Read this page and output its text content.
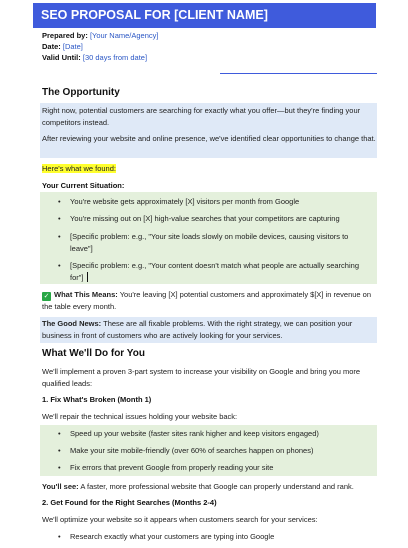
SEO PROPOSAL FOR [CLIENT NAME]
Prepared by: [Your Name/Agency]
Date: [Date]
Valid Until: [30 days from date]
The Opportunity
Right now, potential customers are searching for exactly what you offer—but they're finding your competitors instead.
After reviewing your website and online presence, we've identified clear opportunities to change that.
Here's what we found:
Your Current Situation:
• You're website gets approximately [X] visitors per month from Google
• You're missing out on [X] high-value searches that your competitors are capturing
• [Specific problem: e.g., "Your site loads slowly on mobile devices, causing visitors to leave"]
• [Specific problem: e.g., "Your content doesn't match what people are actually searching for"]
✓ What This Means: You're leaving [X] potential customers and approximately $[X] in revenue on the table every month.
The Good News: These are all fixable problems. With the right strategy, we can position your business in front of customers who are actively looking for your services.
What We'll Do for You
We'll implement a proven 3-part system to increase your visibility on Google and bring you more qualified leads:
1. Fix What's Broken (Month 1)
We'll repair the technical issues holding your website back:
• Speed up your website (faster sites rank higher and keep visitors engaged)
• Make your site mobile-friendly (over 60% of searches happen on phones)
• Fix errors that prevent Google from properly reading your site
You'll see: A faster, more professional website that Google can properly understand and rank.
2. Get Found for the Right Searches (Months 2-4)
We'll optimize your website so it appears when customers search for your services:
• Research exactly what your customers are typing into Google
